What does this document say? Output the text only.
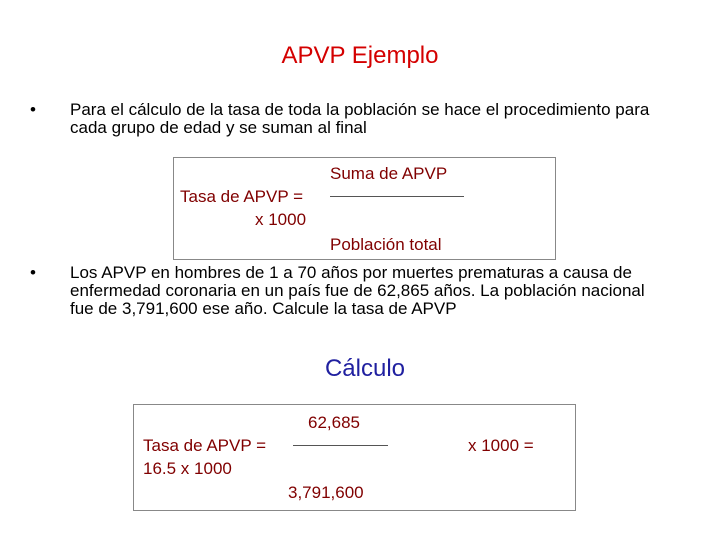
APVP Ejemplo
• Para el cálculo de la tasa de toda la población se hace el procedimiento para cada grupo de edad y se suman al final
Suma de APVP
Tasa de APVP =
x 1000
Población total
• Los APVP en hombres de 1 a 70 años por muertes prematuras a causa de enfermedad coronaria en un país fue de 62,865 años. La población nacional fue de 3,791,600 ese año. Calcule la tasa de APVP
Cálculo
62,685
Tasa de APVP =	x 1000 =
16.5 x 1000
3,791,600
